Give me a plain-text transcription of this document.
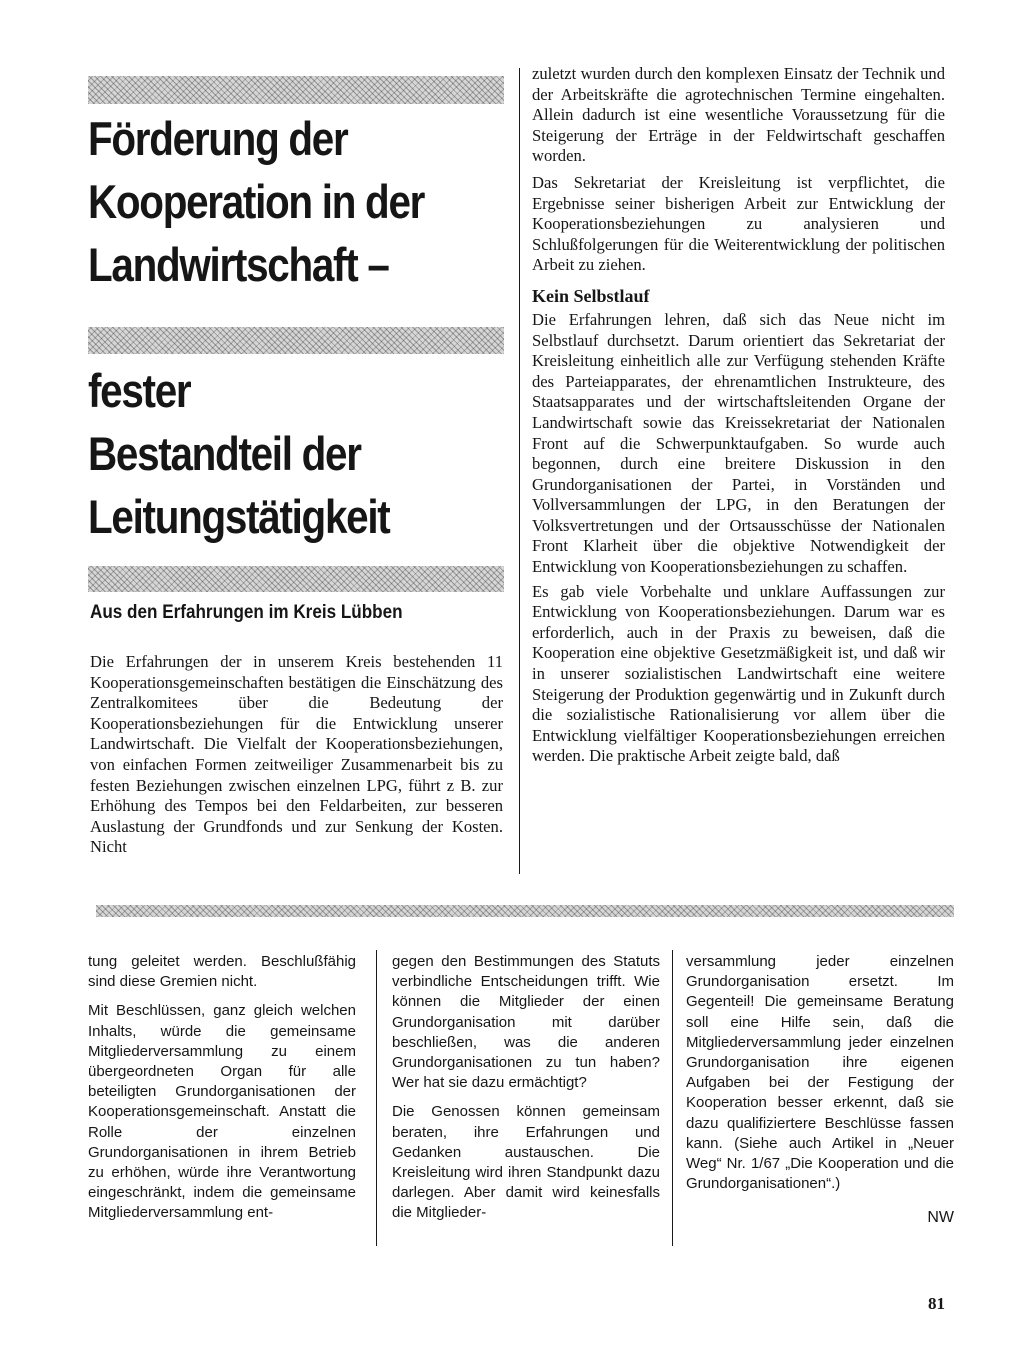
Förderung der

Kooperation in der

Landwirtschaft –

fester

Bestandteil der

Leitungstätigkeit

Aus den Erfahrungen im Kreis Lübben

Die Erfahrungen der in unserem Kreis bestehenden 11 Kooperationsgemeinschaften bestätigen die Einschätzung des Zentralkomitees über die Bedeutung der Kooperationsbeziehungen für die Entwicklung unserer Landwirtschaft. Die Vielfalt der Kooperationsbeziehungen, von einfachen Formen zeitweiliger Zusammenarbeit bis zu festen Beziehungen zwischen einzelnen LPG, führt z B. zur Erhöhung des Tempos bei den Feldarbeiten, zur besseren Auslastung der Grundfonds und zur Senkung der Kosten. Nicht

zuletzt wurden durch den komplexen Einsatz der Technik und der Arbeitskräfte die agrotechnischen Termine eingehalten. Allein dadurch ist eine wesentliche Voraussetzung für die Steigerung der Erträge in der Feldwirtschaft geschaffen worden.

Das Sekretariat der Kreisleitung ist verpflichtet, die Ergebnisse seiner bisherigen Arbeit zur Entwicklung der Kooperationsbeziehungen zu analysieren und Schlußfolgerungen für die Weiterentwicklung der politischen Arbeit zu ziehen.

Kein Selbstlauf

Die Erfahrungen lehren, daß sich das Neue nicht im Selbstlauf durchsetzt. Darum orientiert das Sekretariat der Kreisleitung einheitlich alle zur Verfügung stehenden Kräfte des Parteiapparates, der ehrenamtlichen Instrukteure, des Staatsapparates und der wirtschaftsleitenden Organe der Landwirtschaft sowie das Kreissekretariat der Nationalen Front auf die Schwerpunktaufgaben. So wurde auch begonnen, durch eine breitere Diskussion in den Grundorganisationen der Partei, in Vorständen und Vollversammlungen der LPG, in den Beratungen der Volksvertretungen und der Ortsausschüsse der Nationalen Front Klarheit über die objektive Notwendigkeit der Entwicklung von Kooperationsbeziehungen zu schaffen.

Es gab viele Vorbehalte und unklare Auffassungen zur Entwicklung von Kooperationsbeziehungen. Darum war es erforderlich, auch in der Praxis zu beweisen, daß die Kooperation eine objektive Gesetzmäßigkeit ist, und daß wir in unserer sozialistischen Landwirtschaft eine weitere Steigerung der Produktion gegenwärtig und in Zukunft durch die sozialistische Rationalisierung vor allem über die Entwicklung vielfältiger Kooperationsbeziehungen erreichen werden. Die praktische Arbeit zeigte bald, daß

tung geleitet werden. Beschlußfähig sind diese Gremien nicht.

Mit Beschlüssen, ganz gleich welchen Inhalts, würde die gemeinsame Mitgliederversammlung zu einem übergeordneten Organ für alle beteiligten Grundorganisationen der Kooperationsgemeinschaft. Anstatt die Rolle der einzelnen Grundorganisationen in ihrem Betrieb zu erhöhen, würde ihre Verantwortung eingeschränkt, indem die gemeinsame Mitgliederversammlung ent-

gegen den Bestimmungen des Statuts verbindliche Entscheidungen trifft. Wie können die Mitglieder der einen Grundorganisation mit darüber beschließen, was die anderen Grundorganisationen zu tun haben? Wer hat sie dazu ermächtigt?

Die Genossen können gemeinsam beraten, ihre Erfahrungen und Gedanken austauschen. Die Kreisleitung wird ihren Standpunkt dazu darlegen. Aber damit wird keinesfalls die Mitglieder-

versammlung jeder einzelnen Grundorganisation ersetzt. Im Gegenteil! Die gemeinsame Beratung soll eine Hilfe sein, daß die Mitgliederversammlung jeder einzelnen Grundorganisation ihre eigenen Aufgaben bei der Festigung der Kooperation besser erkennt, daß sie dazu qualifiziertere Beschlüsse fassen kann. (Siehe auch Artikel in „Neuer Weg“ Nr. 1/67 „Die Kooperation und die Grundorganisationen“.)

NW

81
